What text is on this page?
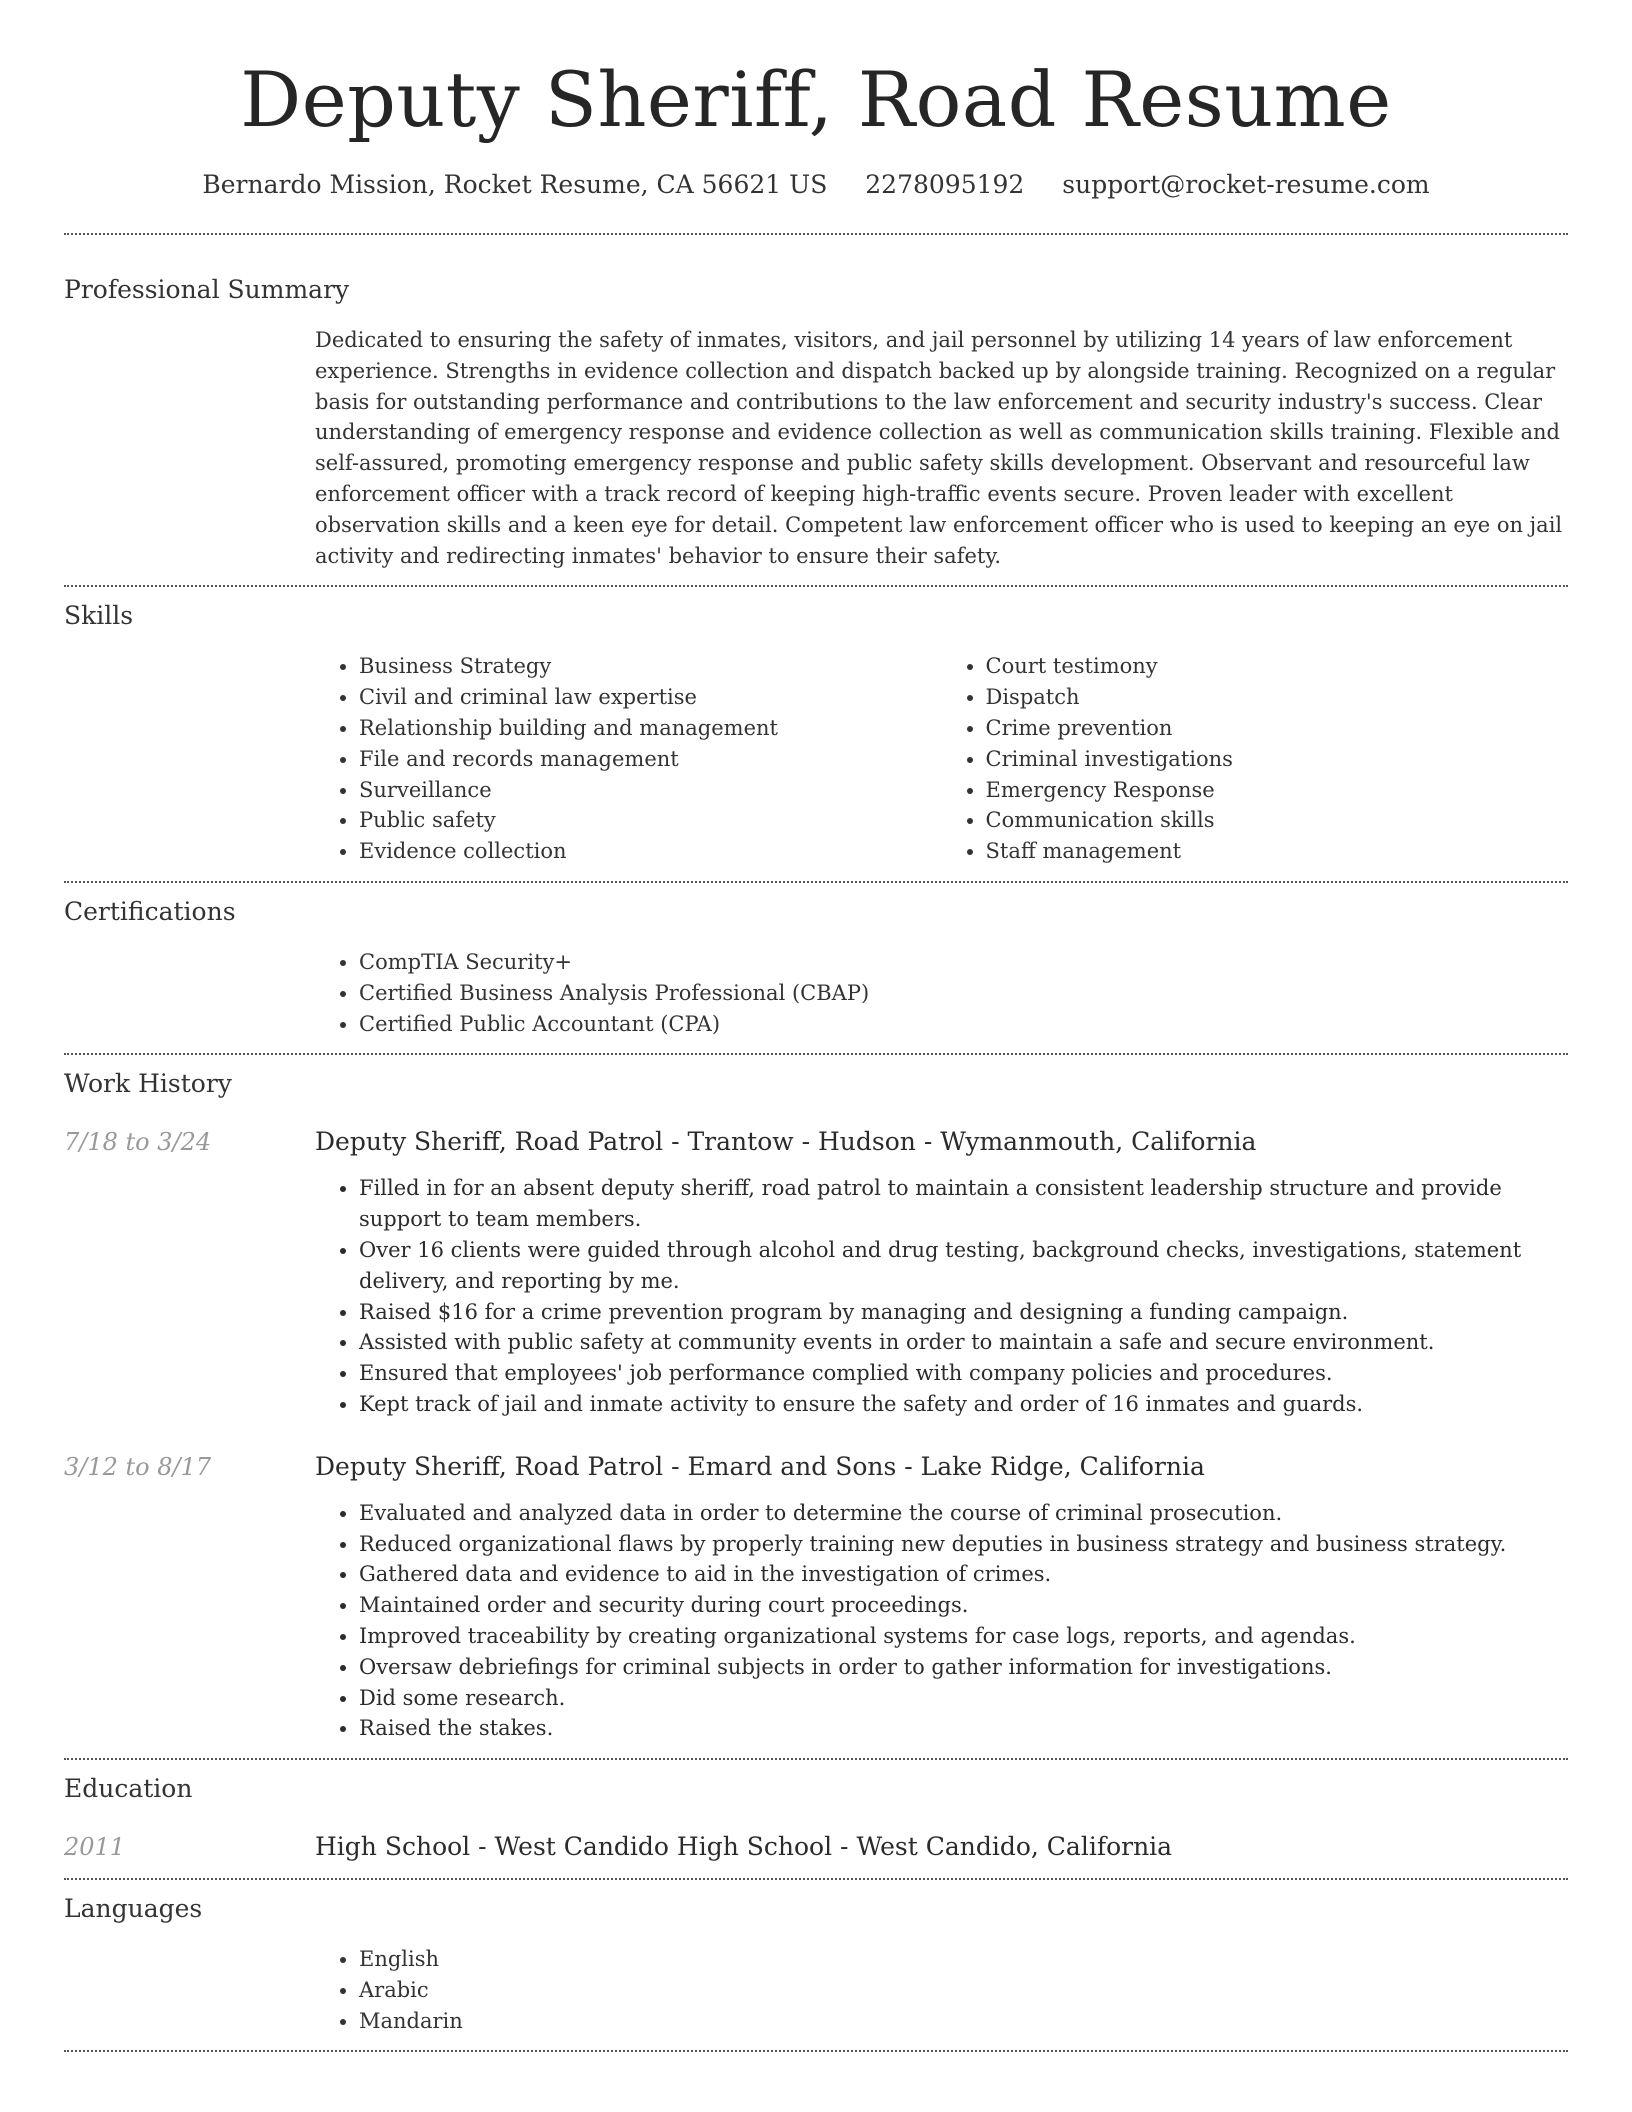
Deputy Sheriff, Road Resume
Bernardo Mission, Rocket Resume, CA 56621 US 2278095192 support@rocket-resume.com
Professional Summary

Dedicated to ensuring the safety of inmates, visitors, and jail personnel by utilizing 14 years of law enforcement experience. Strengths in evidence collection and dispatch backed up by alongside training. Recognized on a regular basis for outstanding performance and contributions to the law enforcement and security industry's success. Clear understanding of emergency response and evidence collection as well as communication skills training. Flexible and self-assured, promoting emergency response and public safety skills development. Observant and resourceful law enforcement officer with a track record of keeping high-traffic events secure. Proven leader with excellent observation skills and a keen eye for detail. Competent law enforcement officer who is used to keeping an eye on jail activity and redirecting inmates' behavior to ensure their safety.

Skills
• Business Strategy
• Civil and criminal law expertise
• Relationship building and management
• File and records management
• Surveillance
• Public safety
• Evidence collection
• Court testimony
• Dispatch
• Crime prevention
• Criminal investigations
• Emergency Response
• Communication skills
• Staff management
Certifications
• CompTIA Security+
• Certified Business Analysis Professional (CBAP)
• Certified Public Accountant (CPA)
Work History
7/18 to 3/24	Deputy Sheriff, Road Patrol - Trantow - Hudson - Wymanmouth, California
• Filled in for an absent deputy sheriff, road patrol to maintain a consistent leadership structure and provide support to team members.
• Over 16 clients were guided through alcohol and drug testing, background checks, investigations, statement delivery, and reporting by me.
• Raised $16 for a crime prevention program by managing and designing a funding campaign.
• Assisted with public safety at community events in order to maintain a safe and secure environment.
• Ensured that employees' job performance complied with company policies and procedures.
• Kept track of jail and inmate activity to ensure the safety and order of 16 inmates and guards.
3/12 to 8/17	Deputy Sheriff, Road Patrol - Emard and Sons - Lake Ridge, California
• Evaluated and analyzed data in order to determine the course of criminal prosecution.
• Reduced organizational flaws by properly training new deputies in business strategy and business strategy.
• Gathered data and evidence to aid in the investigation of crimes.
• Maintained order and security during court proceedings.
• Improved traceability by creating organizational systems for case logs, reports, and agendas.
• Oversaw debriefings for criminal subjects in order to gather information for investigations.
• Did some research.
• Raised the stakes.
Education
2011	High School - West Candido High School - West Candido, California
Languages
• English
• Arabic
• Mandarin
